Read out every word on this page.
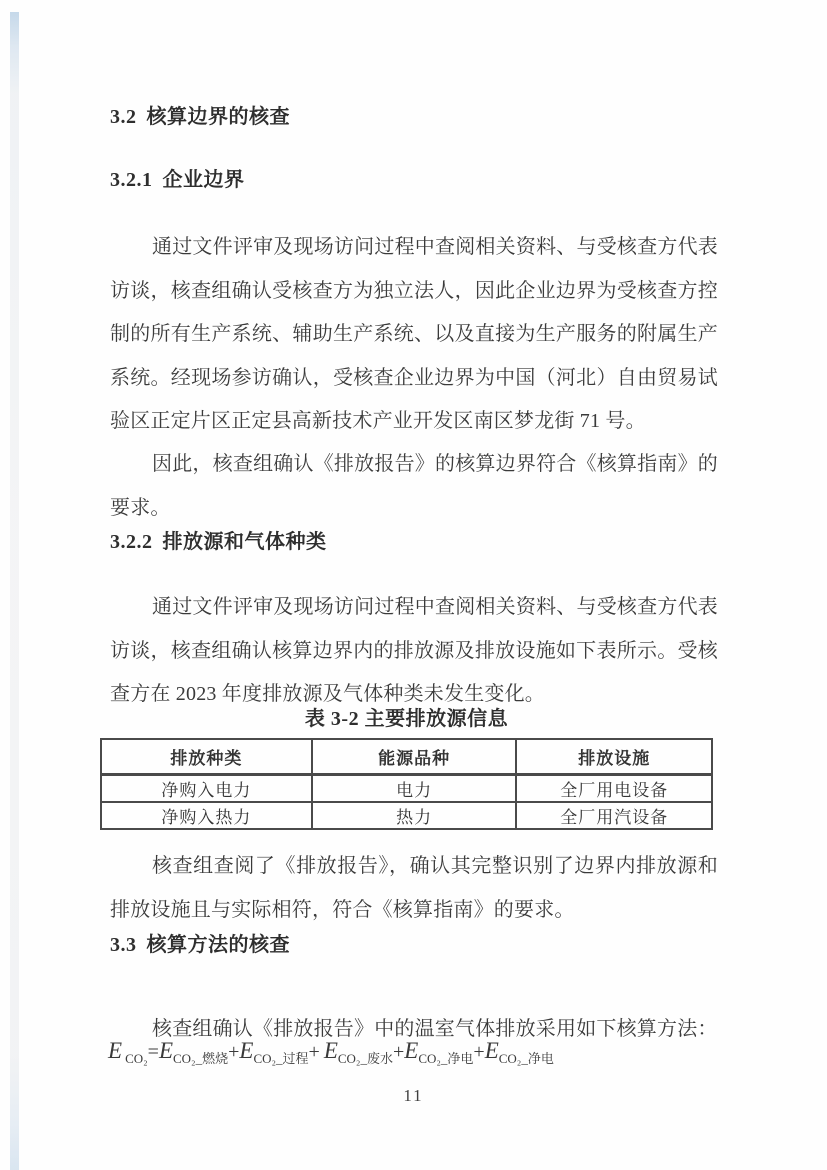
3.2 核算边界的核查
3.2.1 企业边界

通过文件评审及现场访问过程中查阅相关资料、与受核查方代表访谈，核查组确认受核查方为独立法人，因此企业边界为受核查方控制的所有生产系统、辅助生产系统、以及直接为生产服务的附属生产系统。经现场参访确认，受核查企业边界为中国（河北）自由贸易试验区正定片区正定县高新技术产业开发区南区梦龙街 71 号。

因此，核查组确认《排放报告》的核算边界符合《核算指南》的要求。

3.2.2 排放源和气体种类

通过文件评审及现场访问过程中查阅相关资料、与受核查方代表访谈，核查组确认核算边界内的排放源及排放设施如下表所示。受核查方在 2023 年度排放源及气体种类未发生变化。

表 3-2 主要排放源信息
排放种类	能源品种	排放设施
净购入电力	电力	全厂用电设备
净购入热力	热力	全厂用汽设备

核查组查阅了《排放报告》，确认其完整识别了边界内排放源和排放设施且与实际相符，符合《核算指南》的要求。

3.3 核算方法的核查

核查组确认《排放报告》中的温室气体排放采用如下核算方法：

E $_{CO_2}=E_{CO_2\_燃烧}+E_{CO_2\_过程}+ E_{CO_2\_废水}+E_{CO_2\_净电}+E_{CO_2\_净电}$
11
